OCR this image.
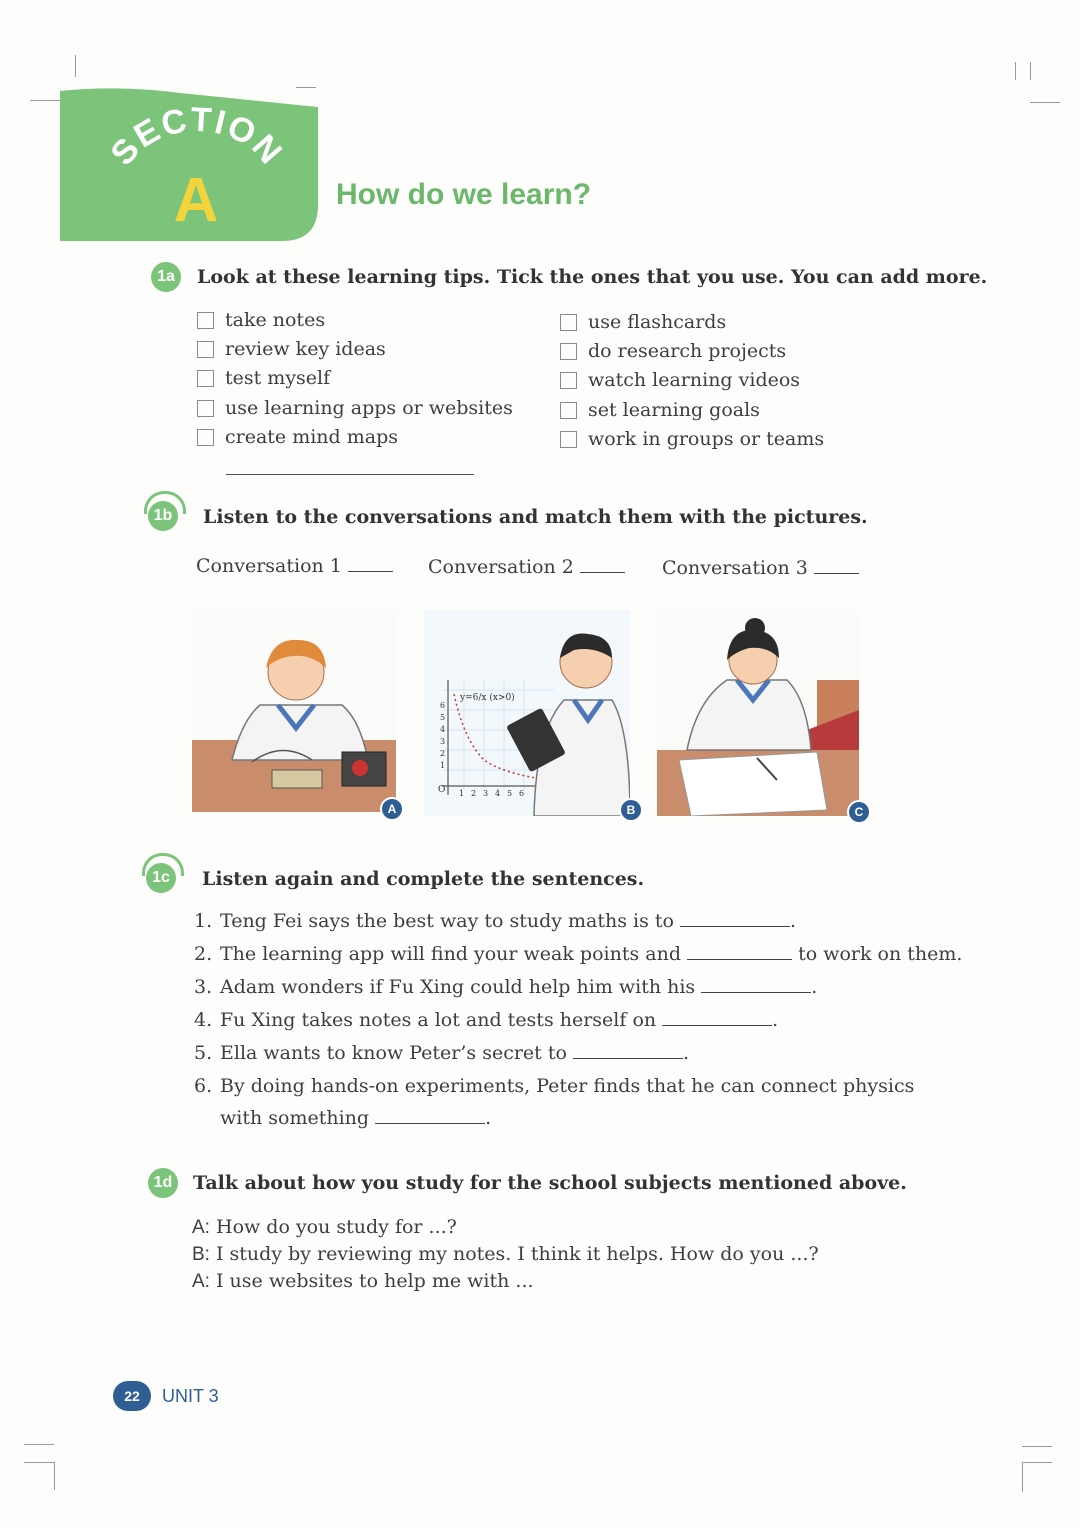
SECTION
A	How do we learn?
1a	Look at these learning tips. Tick the ones that you use. You can add more.
take notes
review key ideas
test myself
use learning apps or websites
create mind maps
use flashcards
do research projects
watch learning videos
set learning goals
work in groups or teams
1b Listen to the conversations and match them with the pictures.
Conversation 1	Conversation 2	Conversation 3
A
y=6/x (x>0)
O
6
5
4
3
2
1
1 2 3 4 5 6
B	C
1c	Listen again and complete the sentences.
1. Teng Fei says the best way to study maths is to	.
2. The learning app will find your weak points and	to work on them.
3. Adam wonders if Fu Xing could help him with his	.
4. Fu Xing takes notes a lot and tests herself on	.
5. Ella wants to know Peter’s secret to	.
6. By doing hands-on experiments, Peter finds that he can connect physics
with something	.
1d Talk about how you study for the school subjects mentioned above.
A: How do you study for ...?
B: I study by reviewing my notes. I think it helps. How do you ...?
A: I use websites to help me with ...
22	UNIT 3
